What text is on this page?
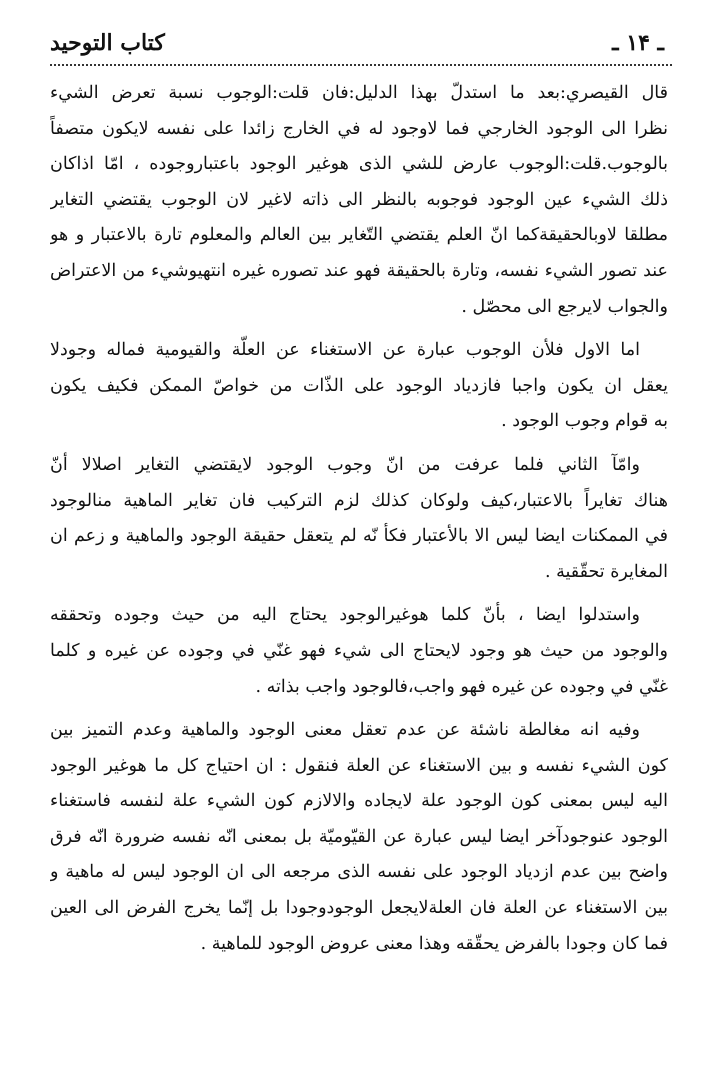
ـ ١۴ ـ
کتاب التوحید

قال القیصري:بعد ما استدلّ بهذا الدلیل:فان قلت:الوجوب نسبة تعرض الشيء
نظرا الی الوجود الخارجي فما لاوجود له في الخارج زائدا علی نفسه لایکون متصفاً
بالوجوب.قلت:الوجوب عارض للشي الذی هوغیر الوجود باعتباروجوده ، امّا اذاکان
ذلك الشيء عین الوجود فوجوبه بالنظر الی ذاته لاغیر لان الوجوب یقتضي التغایر
مطلقا لاوبالحقیقةکما انّ العلم یقتضي التّغایر بین العالم والمعلوم تارة بالاعتبار و هو
عند تصور الشيء نفسه، وتارة بالحقیقة فهو عند تصوره غیره انتهيوشيء من الاعتراض
والجواب لایرجع الی محصّل .

اما الاول فلأن الوجوب عبارة عن الاستغناء عن العلّة والقیومیة فماله وجودلا
یعقل ان یکون واجبا فازدیاد الوجود علی الذّات من خواصّ الممکن فکیف یکون
به قوام وجوب الوجود .

وامّآ الثاني فلما عرفت من انّ وجوب الوجود لایقتضي التغایر اصلالا أنّ
هناك تغایراً بالاعتبار،کیف ولوکان کذلك لزم الترکیب فان تغایر الماهیة منالوجود
في الممکنات ایضا لیس الا بالأعتبار فکأ نّه لم یتعقل حقیقة الوجود والماهیة و زعم ان
المغایرة تحقّقیة .

واستدلوا ایضا ، بأنّ کلما هوغیرالوجود یحتاج الیه من حیث وجوده وتحققه
والوجود من حیث هو وجود لایحتاج الی شيء فهو غنّي في وجوده عن غیره و کلما
غنّي في وجوده عن غیره فهو واجب،فالوجود واجب بذاته .

وفیه انه مغالطة ناشئة عن عدم تعقل معنی الوجود والماهیة وعدم التمیز بین
کون الشيء نفسه و بین الاستغناء عن العلة فنقول : ان احتیاج کل ما هوغیر الوجود
الیه لیس بمعنی کون الوجود علة لایجاده والالازم کون الشيء علة لنفسه فاستغناء
الوجود عنوجودآخر ایضا لیس عبارة عن القیّومیّة بل بمعنی انّه نفسه ضرورة انّه فرق
واضح بین عدم ازدیاد الوجود علی نفسه الذی مرجعه الی ان الوجود لیس له ماهیة و
بین الاستغناء عن العلة فان العلةلایجعل الوجودوجودا بل إنّما یخرج الفرض الی العین
فما کان وجودا بالفرض یحقّقه وهذا معنی عروض الوجود للماهیة .
